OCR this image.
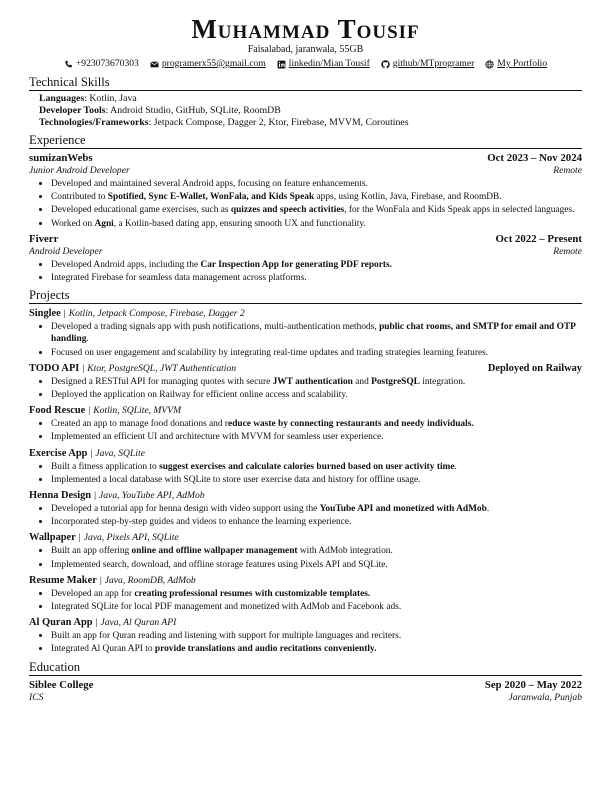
Muhammad Tousif
Faisalabad, jaranwala, 55GB
+923073670303 programerx55@gmail.com linkedin/Mian Tousif github/MTprogramer My Portfolio
Technical Skills
Languages: Kotlin, Java
Developer Tools: Android Studio, GitHub, SQLite, RoomDB
Technologies/Frameworks: Jetpack Compose, Dagger 2, Ktor, Firebase, MVVM, Coroutines
Experience
sumizanWebs	Oct 2023 – Nov 2024
Junior Android Developer	Remote
• Developed and maintained several Android apps, focusing on feature enhancements.
• Contributed to Spotified, Sync E-Wallet, WonFala, and Kids Speak apps, using Kotlin, Java, Firebase, and RoomDB.
• Developed educational game exercises, such as quizzes and speech activities, for the WonFala and Kids Speak apps in selected languages.
• Worked on Agni, a Kotlin-based dating app, ensuring smooth UX and functionality.
Fiverr	Oct 2022 – Present
Android Developer	Remote
• Developed Android apps, including the Car Inspection App for generating PDF reports.
• Integrated Firebase for seamless data management across platforms.
Projects
Singlee | Kotlin, Jetpack Compose, Firebase, Dagger 2
• Developed a trading signals app with push notifications, multi-authentication methods, public chat rooms, and SMTP for email and OTP handling.
• Focused on user engagement and scalability by integrating real-time updates and trading strategies learning features.
TODO API | Ktor, PostgreSQL, JWT Authentication	Deployed on Railway
• Designed a RESTful API for managing quotes with secure JWT authentication and PostgreSQL integration.
• Deployed the application on Railway for efficient online access and scalability.
Food Rescue | Kotlin, SQLite, MVVM
• Created an app to manage food donations and reduce waste by connecting restaurants and needy individuals.
• Implemented an efficient UI and architecture with MVVM for seamless user experience.
Exercise App | Java, SQLite
• Built a fitness application to suggest exercises and calculate calories burned based on user activity time.
• Implemented a local database with SQLite to store user exercise data and history for offline usage.
Henna Design | Java, YouTube API, AdMob
• Developed a tutorial app for henna design with video support using the YouTube API and monetized with AdMob.
• Incorporated step-by-step guides and videos to enhance the learning experience.
Wallpaper | Java, Pixels API, SQLite
• Built an app offering online and offline wallpaper management with AdMob integration.
• Implemented search, download, and offline storage features using Pixels API and SQLite.
Resume Maker | Java, RoomDB, AdMob
• Developed an app for creating professional resumes with customizable templates.
• Integrated SQLite for local PDF management and monetized with AdMob and Facebook ads.
Al Quran App | Java, Al Quran API
• Built an app for Quran reading and listening with support for multiple languages and reciters.
• Integrated Al Quran API to provide translations and audio recitations conveniently.
Education
Siblee College	Sep 2020 – May 2022
ICS	Jaranwala, Punjab
